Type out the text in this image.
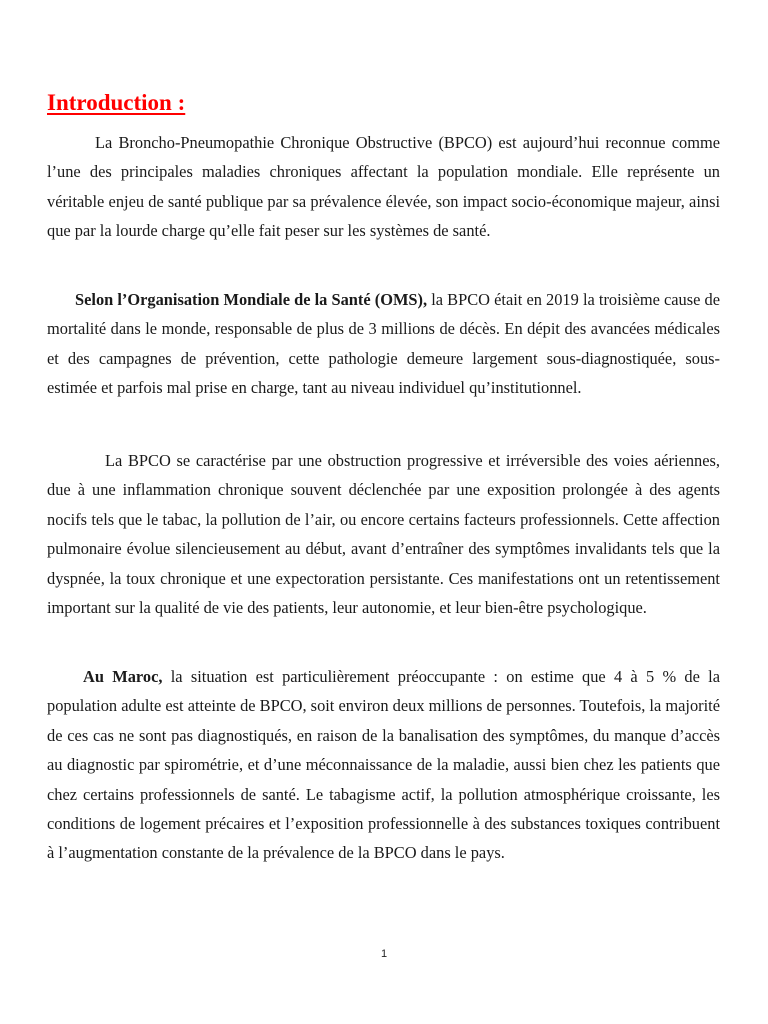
Introduction :

La Broncho-Pneumopathie Chronique Obstructive (BPCO) est aujourd’hui reconnue comme l’une des principales maladies chroniques affectant la population mondiale. Elle représente un véritable enjeu de santé publique par sa prévalence élevée, son impact socio-économique majeur, ainsi que par la lourde charge qu’elle fait peser sur les systèmes de santé.

Selon l’Organisation Mondiale de la Santé (OMS), la BPCO était en 2019 la troisième cause de mortalité dans le monde, responsable de plus de 3 millions de décès. En dépit des avancées médicales et des campagnes de prévention, cette pathologie demeure largement sous-diagnostiquée, sous-estimée et parfois mal prise en charge, tant au niveau individuel qu’institutionnel.

La BPCO se caractérise par une obstruction progressive et irréversible des voies aériennes, due à une inflammation chronique souvent déclenchée par une exposition prolongée à des agents nocifs tels que le tabac, la pollution de l’air, ou encore certains facteurs professionnels. Cette affection pulmonaire évolue silencieusement au début, avant d’entraîner des symptômes invalidants tels que la dyspnée, la toux chronique et une expectoration persistante. Ces manifestations ont un retentissement important sur la qualité de vie des patients, leur autonomie, et leur bien-être psychologique.

Au Maroc, la situation est particulièrement préoccupante : on estime que 4 à 5 % de la population adulte est atteinte de BPCO, soit environ deux millions de personnes. Toutefois, la majorité de ces cas ne sont pas diagnostiqués, en raison de la banalisation des symptômes, du manque d’accès au diagnostic par spirométrie, et d’une méconnaissance de la maladie, aussi bien chez les patients que chez certains professionnels de santé. Le tabagisme actif, la pollution atmosphérique croissante, les conditions de logement précaires et l’exposition professionnelle à des substances toxiques contribuent à l’augmentation constante de la prévalence de la BPCO dans le pays.

1
